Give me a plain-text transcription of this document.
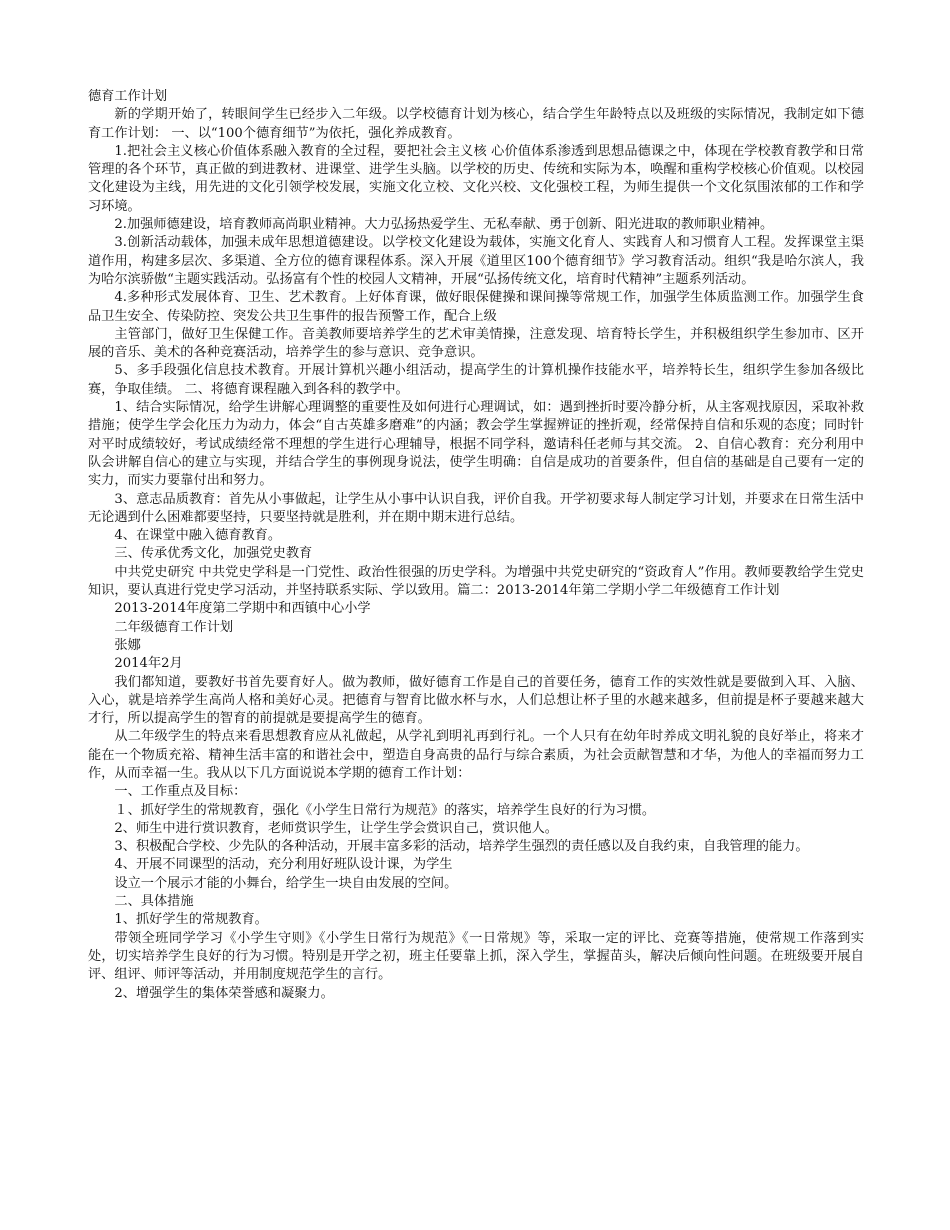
德育工作计划

新的学期开始了，转眼间学生已经步入二年级。以学校德育计划为核心，结合学生年龄特点以及班级的实际情况，我制定如下德育工作计划： 一、以“100个德育细节”为依托，强化养成教育。

1.把社会主义核心价值体系融入教育的全过程，要把社会主义核 心价值体系渗透到思想品德课之中，体现在学校教育教学和日常管理的各个环节，真正做的到进教材、进课堂、进学生头脑。以学校的历史、传统和实际为本，唤醒和重构学校核心价值观。以校园文化建设为主线，用先进的文化引领学校发展，实施文化立校、文化兴校、文化强校工程，为师生提供一个文化氛围浓郁的工作和学习环境。

2.加强师德建设，培育教师高尚职业精神。大力弘扬热爱学生、无私奉献、勇于创新、阳光进取的教师职业精神。

3.创新活动载体，加强未成年思想道德建设。以学校文化建设为载体，实施文化育人、实践育人和习惯育人工程。发挥课堂主渠道作用，构建多层次、多渠道、全方位的德育课程体系。深入开展《道里区100个德育细节》学习教育活动。组织“我是哈尔滨人，我为哈尔滨骄傲“主题实践活动。弘扬富有个性的校园人文精神，开展“弘扬传统文化，培育时代精神”主题系列活动。

4.多种形式发展体育、卫生、艺术教育。上好体育课，做好眼保健操和课间操等常规工作，加强学生体质监测工作。加强学生食品卫生安全、传染防控、突发公共卫生事件的报告预警工作，配合上级

主管部门，做好卫生保健工作。音美教师要培养学生的艺术审美情操，注意发现、培育特长学生，并积极组织学生参加市、区开展的音乐、美术的各种竞赛活动，培养学生的参与意识、竞争意识。

5、多手段强化信息技术教育。开展计算机兴趣小组活动，提高学生的计算机操作技能水平，培养特长生，组织学生参加各级比赛，争取佳绩。 二、将德育课程融入到各科的教学中。

1、结合实际情况，给学生讲解心理调整的重要性及如何进行心理调试，如：遇到挫折时要冷静分析，从主客观找原因，采取补救措施；使学生学会化压力为动力，体会“自古英雄多磨难”的内涵；教会学生掌握辨证的挫折观，经常保持自信和乐观的态度；同时针对平时成绩较好，考试成绩经常不理想的学生进行心理辅导，根据不同学科，邀请科任老师与其交流。 2、自信心教育：充分利用中队会讲解自信心的建立与实现，并结合学生的事例现身说法，使学生明确：自信是成功的首要条件，但自信的基础是自己要有一定的实力，而实力要靠付出和努力。

3、意志品质教育：首先从小事做起，让学生从小事中认识自我，评价自我。开学初要求每人制定学习计划，并要求在日常生活中无论遇到什么困难都要坚持，只要坚持就是胜利，并在期中期末进行总结。

4、在课堂中融入德育教育。

三、传承优秀文化，加强党史教育

中共党史研究 中共党史学科是一门党性、政治性很强的历史学科。为增强中共党史研究的“资政育人”作用。教师要教给学生党史知识，要认真进行党史学习活动，并坚持联系实际、学以致用。篇二：2013-2014年第二学期小学二年级德育工作计划

2013-2014年度第二学期中和西镇中心小学

二年级德育工作计划

张娜

2014年2月

我们都知道，要教好书首先要育好人。做为教师，做好德育工作是自己的首要任务，德育工作的实效性就是要做到入耳、入脑、入心，就是培养学生高尚人格和美好心灵。把德育与智育比做水杯与水，人们总想让杯子里的水越来越多，但前提是杯子要越来越大才行，所以提高学生的智育的前提就是要提高学生的德育。

从二年级学生的特点来看思想教育应从礼做起，从学礼到明礼再到行礼。一个人只有在幼年时养成文明礼貌的良好举止，将来才能在一个物质充裕、精神生活丰富的和谐社会中，塑造自身高贵的品行与综合素质，为社会贡献智慧和才华，为他人的幸福而努力工作，从而幸福一生。我从以下几方面说说本学期的德育工作计划：

一、工作重点及目标：

１、抓好学生的常规教育，强化《小学生日常行为规范》的落实，培养学生良好的行为习惯。

2、师生中进行赏识教育，老师赏识学生，让学生学会赏识自己，赏识他人。

3、积极配合学校、少先队的各种活动，开展丰富多彩的活动，培养学生强烈的责任感以及自我约束，自我管理的能力。

4、开展不同课型的活动，充分利用好班队设计课，为学生

设立一个展示才能的小舞台，给学生一块自由发展的空间。

二、具体措施

1、抓好学生的常规教育。

带领全班同学学习《小学生守则》《小学生日常行为规范》《一日常规》等，采取一定的评比、竞赛等措施，使常规工作落到实处，切实培养学生良好的行为习惯。特别是开学之初，班主任要靠上抓，深入学生，掌握苗头，解决后倾向性问题。在班级要开展自评、组评、师评等活动，并用制度规范学生的言行。

2、增强学生的集体荣誉感和凝聚力。
